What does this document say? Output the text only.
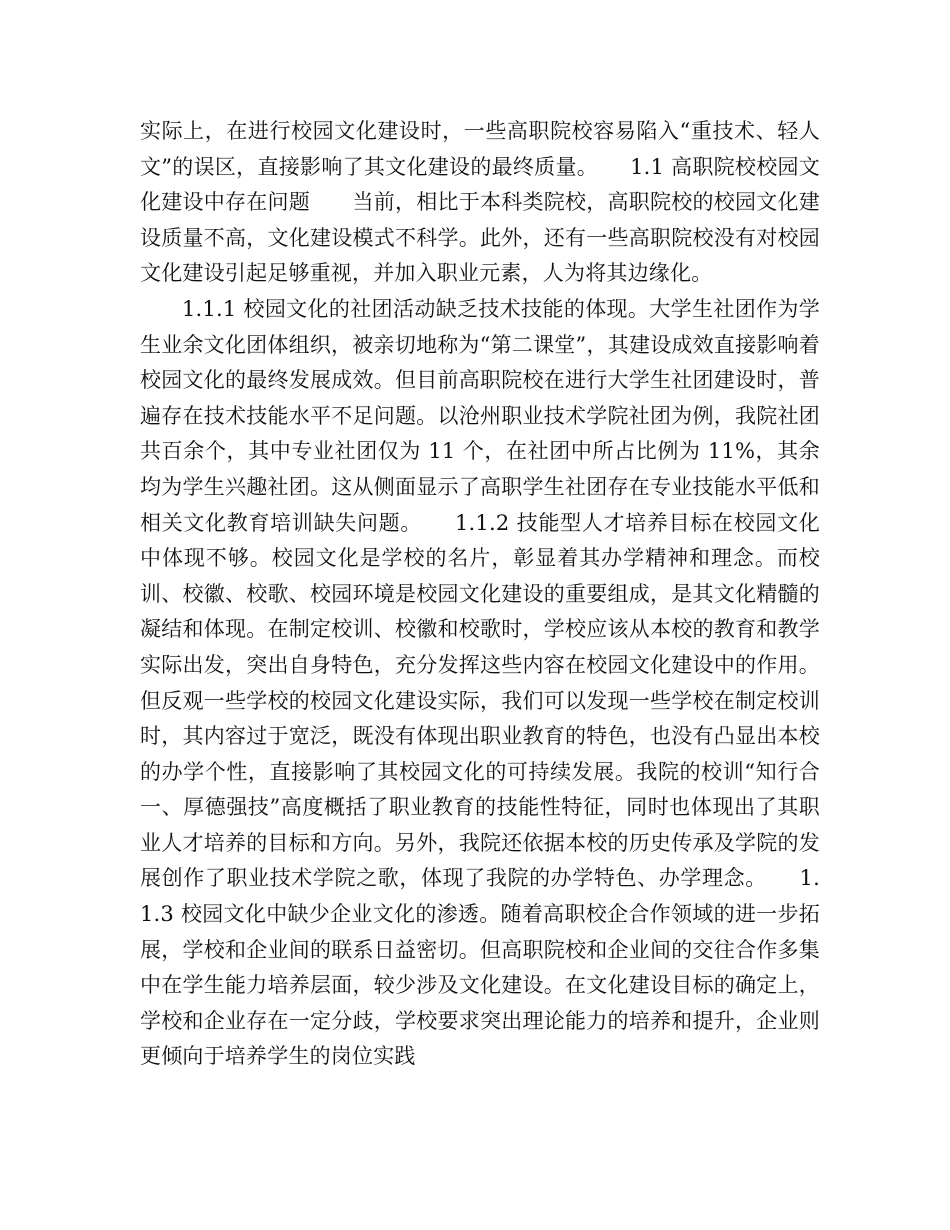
实际上，在进行校园文化建设时，一些高职院校容易陷入“重技术、轻人文”的误区，直接影响了其文化建设的最终质量。　　1.1 高职院校校园文化建设中存在问题　　当前，相比于本科类院校，高职院校的校园文化建设质量不高，文化建设模式不科学。此外，还有一些高职院校没有对校园文化建设引起足够重视，并加入职业元素，人为将其边缘化。

1.1.1 校园文化的社团活动缺乏技术技能的体现。大学生社团作为学生业余文化团体组织，被亲切地称为“第二课堂”，其建设成效直接影响着校园文化的最终发展成效。但目前高职院校在进行大学生社团建设时，普遍存在技术技能水平不足问题。以沧州职业技术学院社团为例，我院社团共百余个，其中专业社团仅为 11 个，在社团中所占比例为 11%，其余均为学生兴趣社团。这从侧面显示了高职学生社团存在专业技能水平低和相关文化教育培训缺失问题。　　1.1.2 技能型人才培养目标在校园文化中体现不够。校园文化是学校的名片，彰显着其办学精神和理念。而校训、校徽、校歌、校园环境是校园文化建设的重要组成，是其文化精髓的凝结和体现。在制定校训、校徽和校歌时，学校应该从本校的教育和教学实际出发，突出自身特色，充分发挥这些内容在校园文化建设中的作用。但反观一些学校的校园文化建设实际，我们可以发现一些学校在制定校训时，其内容过于宽泛，既没有体现出职业教育的特色，也没有凸显出本校的办学个性，直接影响了其校园文化的可持续发展。我院的校训“知行合一、厚德强技”高度概括了职业教育的技能性特征，同时也体现出了其职业人才培养的目标和方向。另外，我院还依据本校的历史传承及学院的发展创作了职业技术学院之歌，体现了我院的办学特色、办学理念。　　1.1.3 校园文化中缺少企业文化的渗透。随着高职校企合作领域的进一步拓展，学校和企业间的联系日益密切。但高职院校和企业间的交往合作多集中在学生能力培养层面，较少涉及文化建设。在文化建设目标的确定上，学校和企业存在一定分歧，学校要求突出理论能力的培养和提升，企业则更倾向于培养学生的岗位实践
